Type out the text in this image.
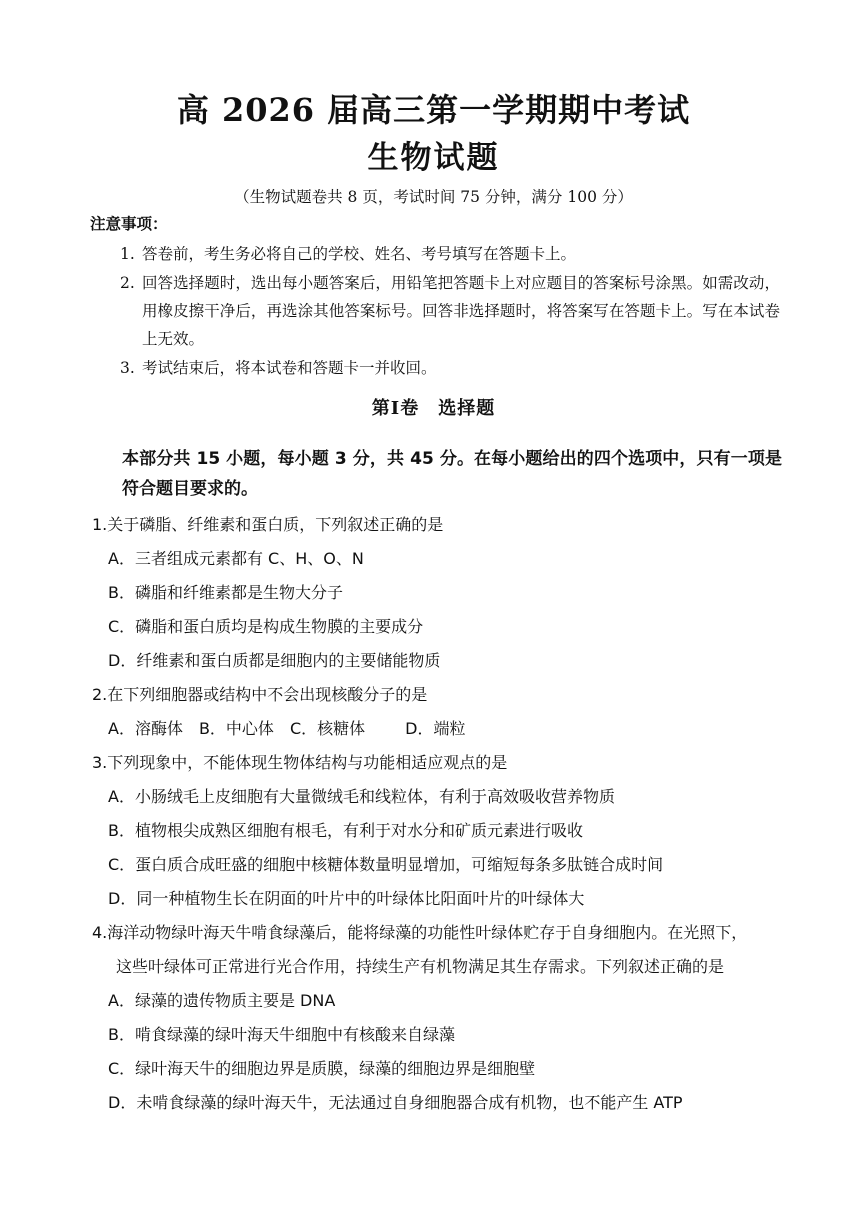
高 2026 届高三第一学期期中考试
生物试题
（生物试题卷共 8 页，考试时间 75 分钟，满分 100 分）
注意事项：
1. 答卷前，考生务必将自己的学校、姓名、考号填写在答题卡上。
2. 回答选择题时，选出每小题答案后，用铅笔把答题卡上对应题目的答案标号涂黑。如需改动，用橡皮擦干净后，再选涂其他答案标号。回答非选择题时，将答案写在答题卡上。写在本试卷上无效。
3. 考试结束后，将本试卷和答题卡一并收回。
第Ⅰ卷　选择题
本部分共 15 小题，每小题 3 分，共 45 分。在每小题给出的四个选项中，只有一项是符合题目要求的。
1.关于磷脂、纤维素和蛋白质，下列叙述正确的是
A．三者组成元素都有 C、H、O、N
B．磷脂和纤维素都是生物大分子
C．磷脂和蛋白质均是构成生物膜的主要成分
D．纤维素和蛋白质都是细胞内的主要储能物质
2.在下列细胞器或结构中不会出现核酸分子的是
A．溶酶体 B．中心体 C．核糖体	D．端粒
3.下列现象中，不能体现生物体结构与功能相适应观点的是
A．小肠绒毛上皮细胞有大量微绒毛和线粒体，有利于高效吸收营养物质
B．植物根尖成熟区细胞有根毛，有利于对水分和矿质元素进行吸收
C．蛋白质合成旺盛的细胞中核糖体数量明显增加，可缩短每条多肽链合成时间
D．同一种植物生长在阴面的叶片中的叶绿体比阳面叶片的叶绿体大
4.海洋动物绿叶海天牛啃食绿藻后，能将绿藻的功能性叶绿体贮存于自身细胞内。在光照下，
这些叶绿体可正常进行光合作用，持续生产有机物满足其生存需求。下列叙述正确的是
A．绿藻的遗传物质主要是 DNA
B．啃食绿藻的绿叶海天牛细胞中有核酸来自绿藻
C．绿叶海天牛的细胞边界是质膜，绿藻的细胞边界是细胞壁
D．未啃食绿藻的绿叶海天牛，无法通过自身细胞器合成有机物，也不能产生 ATP
